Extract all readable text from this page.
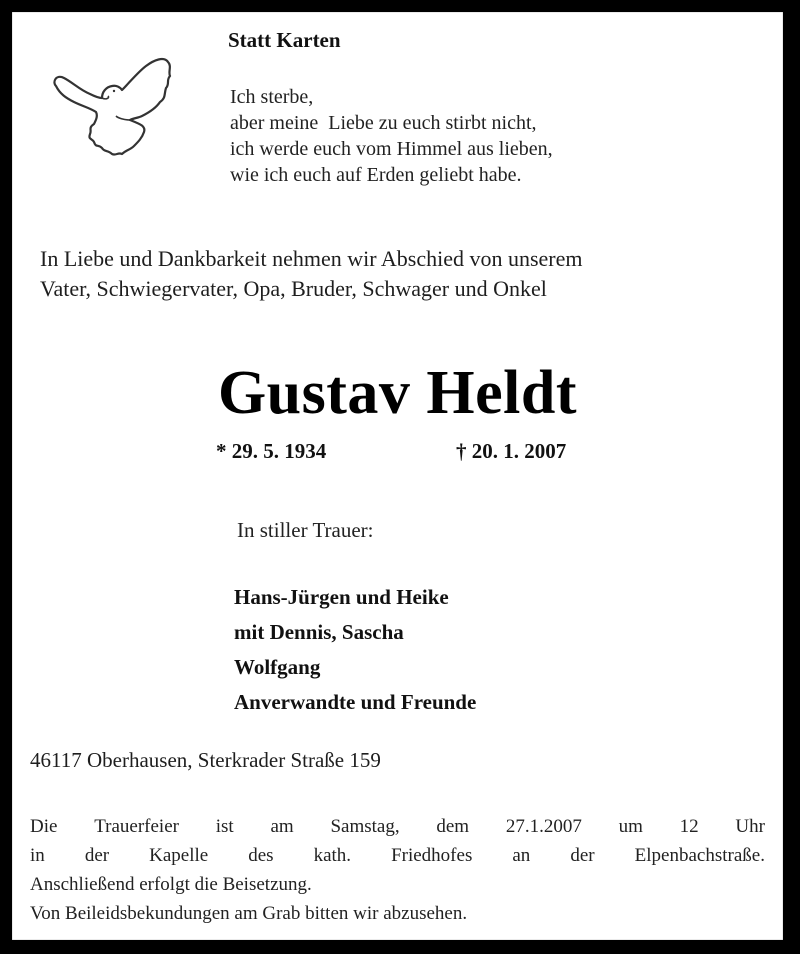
Statt Karten
Ich sterbe,
aber meine  Liebe zu euch stirbt nicht,
ich werde euch vom Himmel aus lieben,
wie ich euch auf Erden geliebt habe.
In Liebe und Dankbarkeit nehmen wir Abschied von unserem
Vater, Schwiegervater, Opa, Bruder, Schwager und Onkel
Gustav Heldt
* 29. 5. 1934	† 20. 1. 2007
In stiller Trauer:
Hans-Jürgen und Heike
mit Dennis, Sascha
Wolfgang
Anverwandte und Freunde
46117 Oberhausen, Sterkrader Straße 159
Die Trauerfeier ist am Samstag, dem 27.1.2007 um 12 Uhr
in der Kapelle des kath. Friedhofes an der Elpenbachstraße.
Anschließend erfolgt die Beisetzung.
Von Beileidsbekundungen am Grab bitten wir abzusehen.
